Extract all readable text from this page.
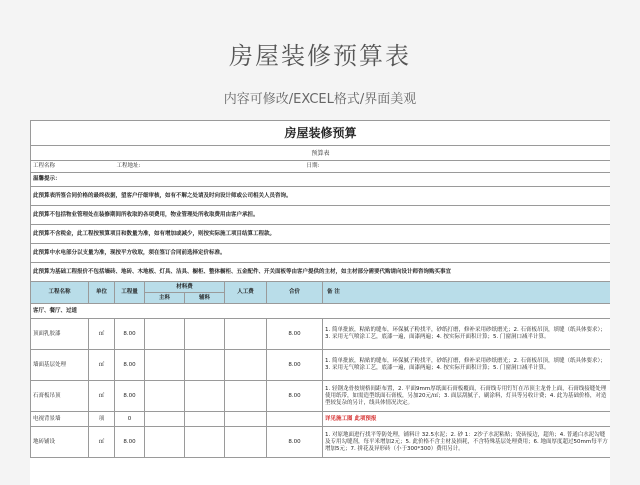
房屋装修预算表
内容可修改/EXCEL格式/界面美观
房屋装修预算							
预算表							
工程名称		工程地址:				日期:	
温馨提示：							
此预算表所签合同价格的最终依据，望客户仔细审核，如有不解之处请及时向设计师或公司相关人员咨询。							
此预算不包括物业管理处在装修期间所收取的各项费用，物业管理处所收取费用由客户承担。							
此预算不含税金，此工程按预算项目和数量为准，如有增加或减少，则按实际施工项目结算工程款。							
此预算中水电部分以支量为准，现按平方收取，须在签订合同前选择定价标准。							
此预算为基础工程报价不包括墙砖、地砖、木地板、灯具、洁具、橱柜、整体橱柜、五金配件、开关面板等由客户提供的主材，如主材部分需要代购请向设计师咨询购买事宜							
工程名称	单位	工程量	材料费		人工费	合价	备 注
			主料	辅料			
客厅、餐厅、过道							
顶面乳胶漆	㎡	8.00				8.00	1. 简单批嵌，粘贴的缝布，环保腻子粉找平，砂纸打磨，修补采用砂纸磨光；2. 石膏板吊顶，填缝（纸具体要求）；3. 采用无气喷涂工艺，底漆一遍，面漆两遍；4. 按实际开面积计算；5. 门窗洞口减半计算。
墙面基层处理	㎡	8.00				8.00	1. 简单批嵌，粘贴的缝布，环保腻子粉找平，砂纸打磨，修补采用砂纸磨光；2. 石膏板吊顶，填缝（纸具体要求）；3. 采用无气喷涂工艺，底漆一遍，面漆两遍；4. 按实际开面积计算；5. 门窗洞口减半计算。
石膏板吊顶	㎡	8.00				8.00	1. 轻钢龙骨按规格间距布置，2. 平面9mm厚纸面石膏板覆面，石膏线专用钉钉在吊顶主龙骨上面，石膏线接缝处理使用纸带，如需造型纸面石膏板，另加20元/㎡；3. 面层刮腻子，刷涂料，灯具等另收计费；4. 此为基础价格，对造型较复杂的另计，线具体情况决定。
电视背景墙	项	0					详见施工图 此项预报
地砖铺设	㎡	8.00				8.00	1. 对原地面进行找平等防处理，铺料计 32.5水泥；2. 砂 1：2沙子水泥粘贴；瓷砖接边，超角；4. 普通白水泥勾缝及专用勾缝剂，每平米增加2元；5. 此价格不含主材及损耗，不含特殊基层处理费用；6. 地面厚度超过50mm每平方增加5元；7. 拼花及异形砖（小于300*300）费用另计。
